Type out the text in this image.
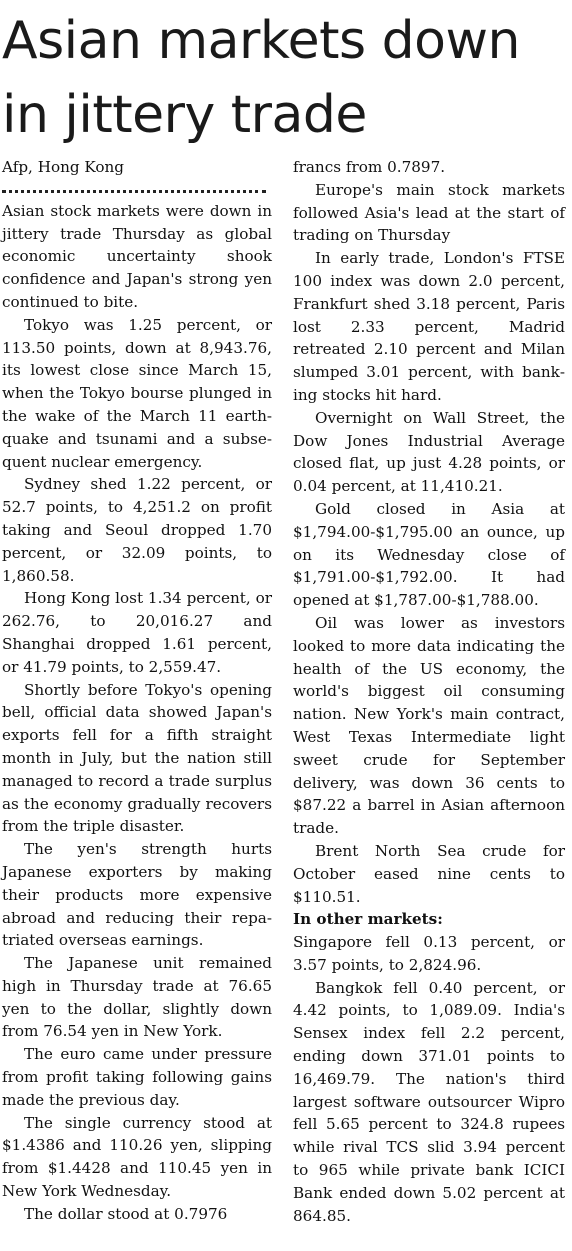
Asian markets down
in jittery trade

Afp, Hong Kong

Asian stock markets were down in jittery trade Thursday as global economic uncertainty shook confidence and Japan's strong yen continued to bite.

Tokyo was 1.25 percent, or 113.50 points, down at 8,943.76, its lowest close since March 15, when the Tokyo bourse plunged in the wake of the March 11 earthquake and tsunami and a subsequent nuclear emergency.

Sydney shed 1.22 percent, or 52.7 points, to 4,251.2 on profit taking and Seoul dropped 1.70 percent, or 32.09 points, to 1,860.58.

Hong Kong lost 1.34 percent, or 262.76, to 20,016.27 and Shanghai dropped 1.61 percent, or 41.79 points, to 2,559.47.

Shortly before Tokyo's opening bell, official data showed Japan's exports fell for a fifth straight month in July, but the nation still managed to record a trade surplus as the economy gradually recovers from the triple disaster.

The yen's strength hurts Japanese exporters by making their products more expensive abroad and reducing their repatriated overseas earnings.

The Japanese unit remained high in Thursday trade at 76.65 yen to the dollar, slightly down from 76.54 yen in New York.

The euro came under pressure from profit taking following gains made the previous day.

The single currency stood at $1.4386 and 110.26 yen, slipping from $1.4428 and 110.45 yen in New York Wednesday.

The dollar stood at 0.7976

francs from 0.7897.

Europe's main stock markets followed Asia's lead at the start of trading on Thursday

In early trade, London's FTSE 100 index was down 2.0 percent, Frankfurt shed 3.18 percent, Paris lost 2.33 percent, Madrid retreated 2.10 percent and Milan slumped 3.01 percent, with banking stocks hit hard.

Overnight on Wall Street, the Dow Jones Industrial Average closed flat, up just 4.28 points, or 0.04 percent, at 11,410.21.

Gold closed in Asia at $1,794.00-$1,795.00 an ounce, up on its Wednesday close of $1,791.00-$1,792.00. It had opened at $1,787.00-$1,788.00.

Oil was lower as investors looked to more data indicating the health of the US economy, the world's biggest oil consuming nation. New York's main contract, West Texas Intermediate light sweet crude for September delivery, was down 36 cents to $87.22 a barrel in Asian afternoon trade.

Brent North Sea crude for October eased nine cents to $110.51.

In other markets:

Singapore fell 0.13 percent, or 3.57 points, to 2,824.96.

Bangkok fell 0.40 percent, or 4.42 points, to 1,089.09. India's Sensex index fell 2.2 percent, ending down 371.01 points to 16,469.79. The nation's third largest software outsourcer Wipro fell 5.65 percent to 324.8 rupees while rival TCS slid 3.94 percent to 965 while private bank ICICI Bank ended down 5.02 percent at 864.85.
